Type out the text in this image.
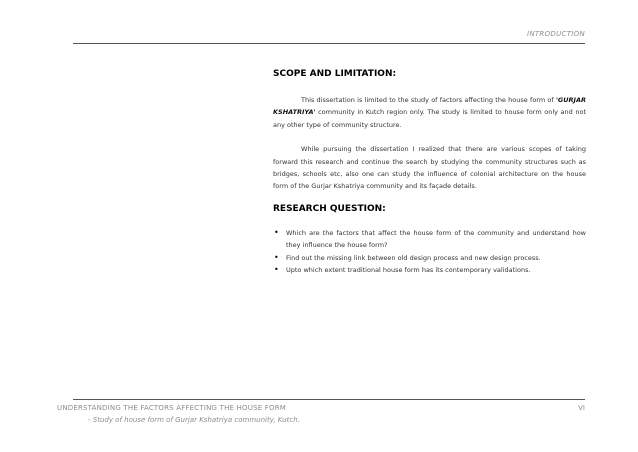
INTRODUCTION
SCOPE AND LIMITATION:

This dissertation is limited to the study of factors affecting the house form of 'GURJAR KSHATRIYA' community in Kutch region only. The study is limited to house form only and not any other type of community structure.

While pursuing the dissertation I realized that there are various scopes of taking forward this research and continue the search by studying the community structures such as bridges, schools etc, also one can study the influence of colonial architecture on the house form of the Gurjar Kshatriya community and its façade details.

RESEARCH QUESTION:
• Which are the factors that affect the house form of the community and understand how they influence the house form?
• Find out the missing link between old design process and new design process.
• Upto which extent traditional house form has its contemporary validations.
UNDERSTANDING THE FACTORS AFFECTING THE HOUSE FORM
- Study of house form of Gurjar Kshatriya community, Kutch.
VI
